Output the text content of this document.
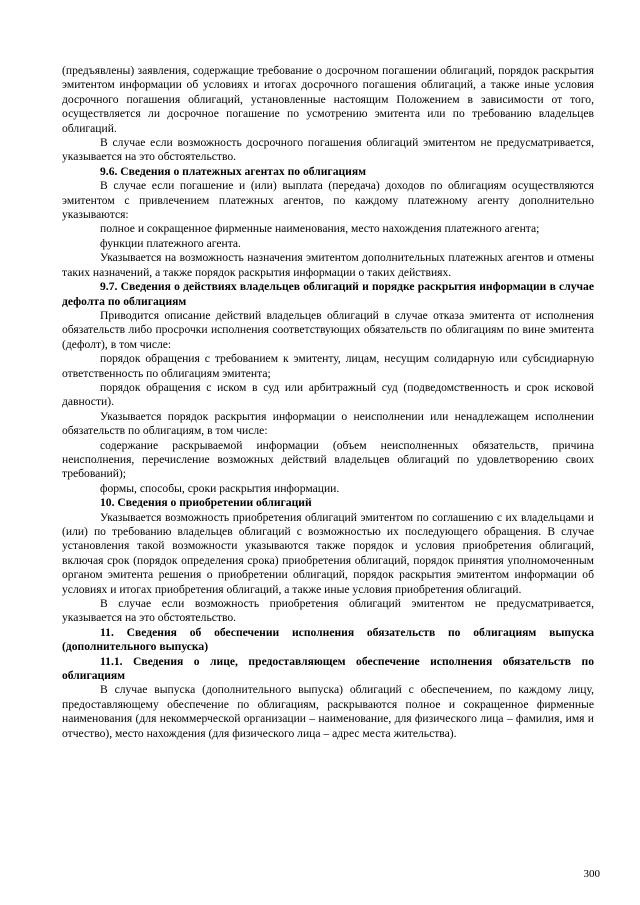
(предъявлены) заявления, содержащие требование о досрочном погашении облигаций, порядок раскрытия эмитентом информации об условиях и итогах досрочного погашения облигаций, а также иные условия досрочного погашения облигаций, установленные настоящим Положением в зависимости от того, осуществляется ли досрочное погашение по усмотрению эмитента или по требованию владельцев облигаций.

В случае если возможность досрочного погашения облигаций эмитентом не предусматривается, указывается на это обстоятельство.

9.6. Сведения о платежных агентах по облигациям

В случае если погашение и (или) выплата (передача) доходов по облигациям осуществляются эмитентом с привлечением платежных агентов, по каждому платежному агенту дополнительно указываются:

полное и сокращенное фирменные наименования, место нахождения платежного агента;

функции платежного агента.

Указывается на возможность назначения эмитентом дополнительных платежных агентов и отмены таких назначений, а также порядок раскрытия информации о таких действиях.

9.7. Сведения о действиях владельцев облигаций и порядке раскрытия информации в случае дефолта по облигациям

Приводится описание действий владельцев облигаций в случае отказа эмитента от исполнения обязательств либо просрочки исполнения соответствующих обязательств по облигациям по вине эмитента (дефолт), в том числе:

порядок обращения с требованием к эмитенту, лицам, несущим солидарную или субсидиарную ответственность по облигациям эмитента;

порядок обращения с иском в суд или арбитражный суд (подведомственность и срок исковой давности).

Указывается порядок раскрытия информации о неисполнении или ненадлежащем исполнении обязательств по облигациям, в том числе:

содержание раскрываемой информации (объем неисполненных обязательств, причина неисполнения, перечисление возможных действий владельцев облигаций по удовлетворению своих требований);

формы, способы, сроки раскрытия информации.

10. Сведения о приобретении облигаций

Указывается возможность приобретения облигаций эмитентом по соглашению с их владельцами и (или) по требованию владельцев облигаций с возможностью их последующего обращения. В случае установления такой возможности указываются также порядок и условия приобретения облигаций, включая срок (порядок определения срока) приобретения облигаций, порядок принятия уполномоченным органом эмитента решения о приобретении облигаций, порядок раскрытия эмитентом информации об условиях и итогах приобретения облигаций, а также иные условия приобретения облигаций.

В случае если возможность приобретения облигаций эмитентом не предусматривается, указывается на это обстоятельство.

11. Сведения об обеспечении исполнения обязательств по облигациям выпуска (дополнительного выпуска)

11.1. Сведения о лице, предоставляющем обеспечение исполнения обязательств по облигациям

В случае выпуска (дополнительного выпуска) облигаций с обеспечением, по каждому лицу, предоставляющему обеспечение по облигациям, раскрываются полное и сокращенное фирменные наименования (для некоммерческой организации – наименование, для физического лица – фамилия, имя и отчество), место нахождения (для физического лица – адрес места жительства).

300
